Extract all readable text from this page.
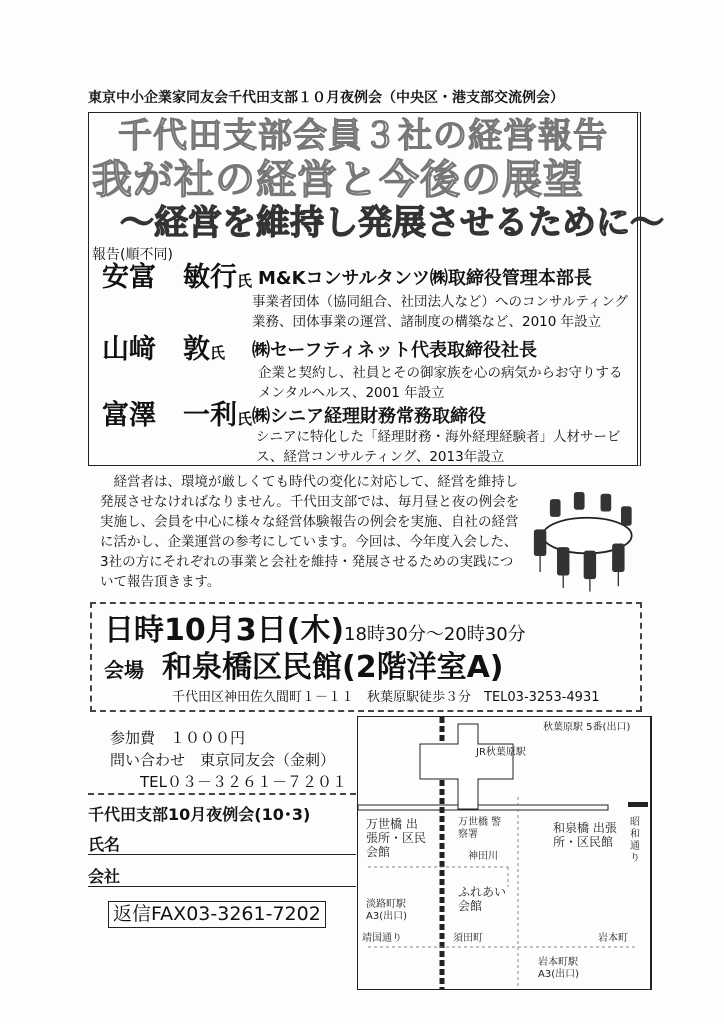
東京中小企業家同友会千代田支部１０月夜例会（中央区・港支部交流例会）
千代田支部会員３社の経営報告
我が社の経営と今後の展望
～経営を維持し発展させるために～
報告(順不同)
安富　敏行氏 M&Kコンサルタンツ㈱取締役管理本部長
事業者団体（協同組合、社団法人など）へのコンサルティング業務、団体事業の運営、諸制度の構築など、2010 年設立
山﨑　敦氏 ㈱セーフティネット代表取締役社長
企業と契約し、社員とその御家族を心の病気からお守りするメンタルヘルス、2001 年設立
富澤　一利氏 ㈱シニア経理財務常務取締役
シニアに特化した「経理財務・海外経理経験者」人材サービス、経営コンサルティング、2013年設立
経営者は、環境が厳しくても時代の変化に対応して、経営を維持し発展させなければなりません。千代田支部では、毎月昼と夜の例会を実施し、会員を中心に様々な経営体験報告の例会を実施、自社の経営に活かし、企業運営の参考にしています。今回は、今年度入会した、3社の方にそれぞれの事業と会社を維持・発展させるための実践について報告頂きます。
日時10月3日(木)18時30分～20時30分
会場 和泉橋区民館(2階洋室A)
千代田区神田佐久間町１－１１　秋葉原駅徒歩３分　TEL03-3253-4931
参加費　１０００円
問い合わせ　東京同友会（金刺）
TEL０３－３２６１－７２０１
千代田支部10月夜例会(10･3)
氏名
会社
返信FAX03-3261-7202
秋葉原駅 5番(出口)
JR秋葉原駅
昭和通り
万世橋 出張所・区民会館
万世橋 警察署
神田川
和泉橋 出張所・区民館
ふれあい 会館
淡路町駅 A3(出口)
靖国通り	須田町	岩本町
岩本町駅 A3(出口)
